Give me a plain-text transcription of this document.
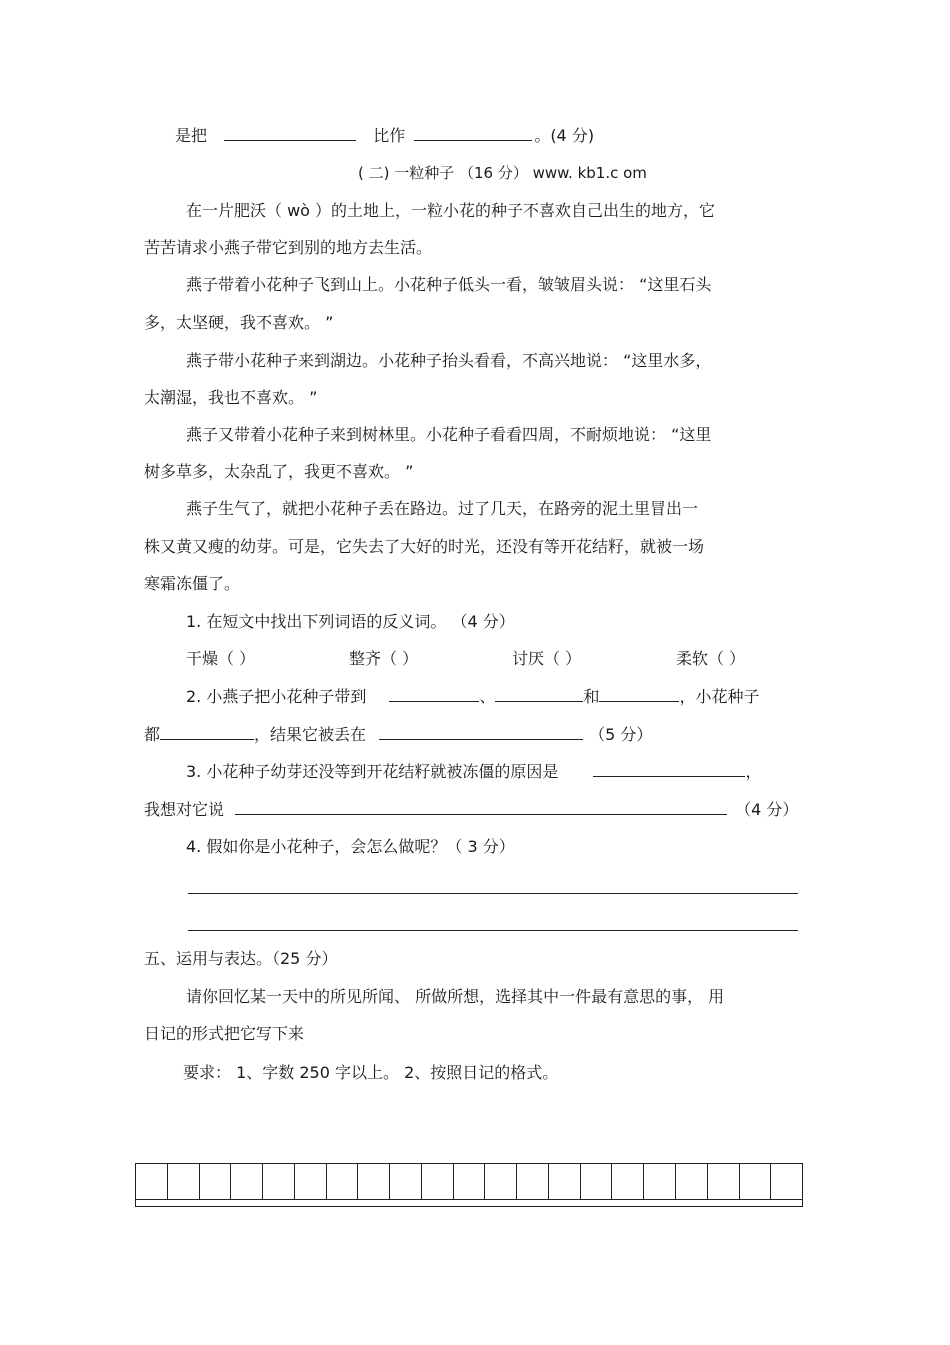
是把	比作	。(4 分)
( 二) 一粒种子 （16 分） www. kb1.c om
在一片肥沃（ wò ）的土地上，一粒小花的种子不喜欢自己出生的地方，它
苦苦请求小燕子带它到别的地方去生活。
燕子带着小花种子飞到山上。小花种子低头一看，皱皱眉头说： “这里石头
多，太坚硬，我不喜欢。 ”
燕子带小花种子来到湖边。小花种子抬头看看，不高兴地说： “这里水多，
太潮湿，我也不喜欢。 ”
燕子又带着小花种子来到树林里。小花种子看看四周，不耐烦地说： “这里
树多草多，太杂乱了，我更不喜欢。 ”
燕子生气了，就把小花种子丢在路边。过了几天，在路旁的泥土里冒出一
株又黄又瘦的幼芽。可是，它失去了大好的时光，还没有等开花结籽，就被一场
寒霜冻僵了。
1. 在短文中找出下列词语的反义词。 （4 分）
干燥（ ）	整齐（ ）	讨厌（ ）	柔软（ ）
2. 小燕子把小花种子带到	、	和	，小花种子
都	，结果它被丢在	（5 分）
3. 小花种子幼芽还没等到开花结籽就被冻僵的原因是	，
我想对它说	（4 分）
4. 假如你是小花种子，会怎么做呢？（ 3 分）
五、运用与表达。（25 分）
请你回忆某一天中的所见所闻、 所做所想，选择其中一件最有意思的事， 用
日记的形式把它写下来
要求： 1、字数 250 字以上。 2、按照日记的格式。
